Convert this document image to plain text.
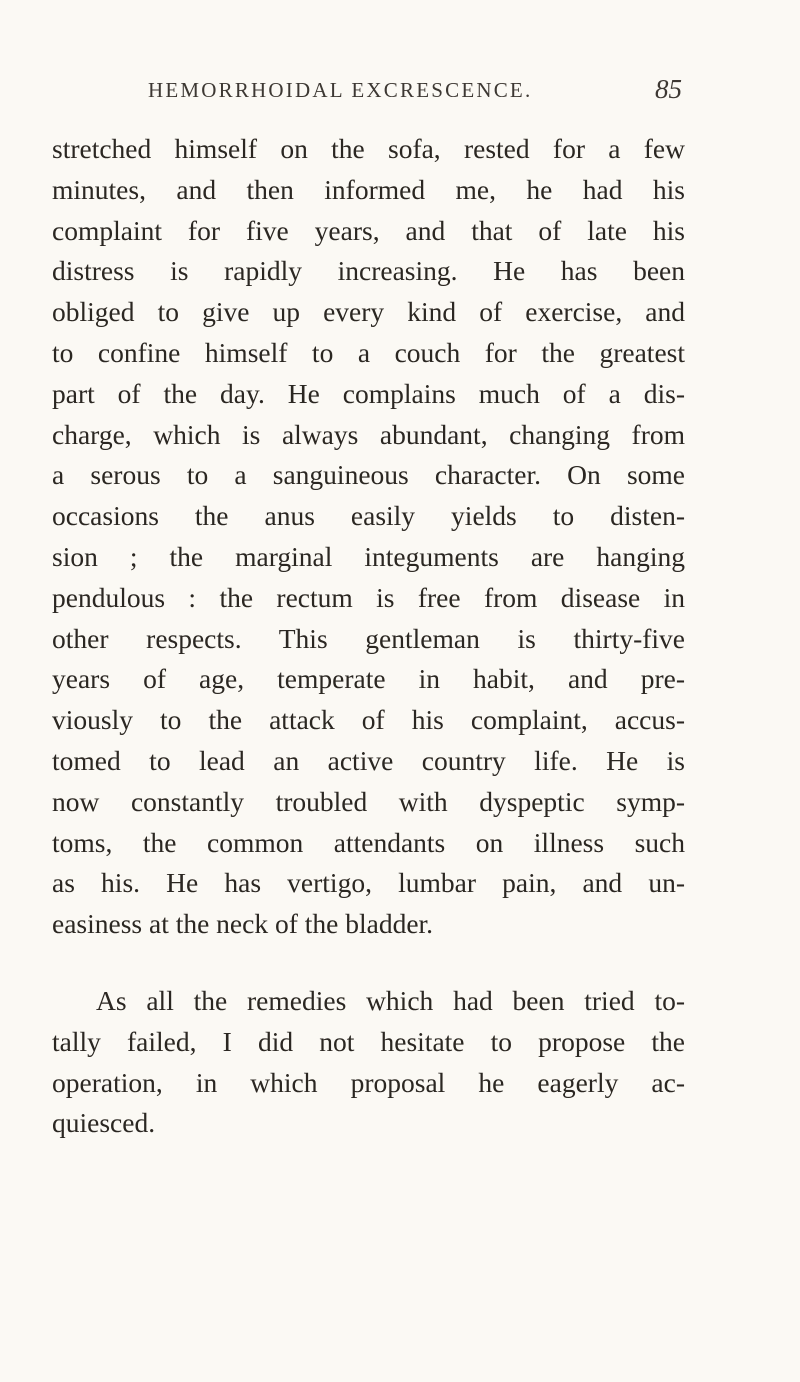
HEMORRHOIDAL EXCRESCENCE.	85
stretched himself on the sofa, rested for a few
minutes, and then informed me, he had his
complaint for five years, and that of late his
distress is rapidly increasing. He has been
obliged to give up every kind of exercise, and
to confine himself to a couch for the greatest
part of the day. He complains much of a dis-
charge, which is always abundant, changing from
a serous to a sanguineous character. On some
occasions the anus easily yields to disten-
sion ; the marginal integuments are hanging
pendulous : the rectum is free from disease in
other respects. This gentleman is thirty-five
years of age, temperate in habit, and pre-
viously to the attack of his complaint, accus-
tomed to lead an active country life. He is
now constantly troubled with dyspeptic symp-
toms, the common attendants on illness such
as his. He has vertigo, lumbar pain, and un-
easiness at the neck of the bladder.
As all the remedies which had been tried to-
tally failed, I did not hesitate to propose the
operation, in which proposal he eagerly ac-
quiesced.
